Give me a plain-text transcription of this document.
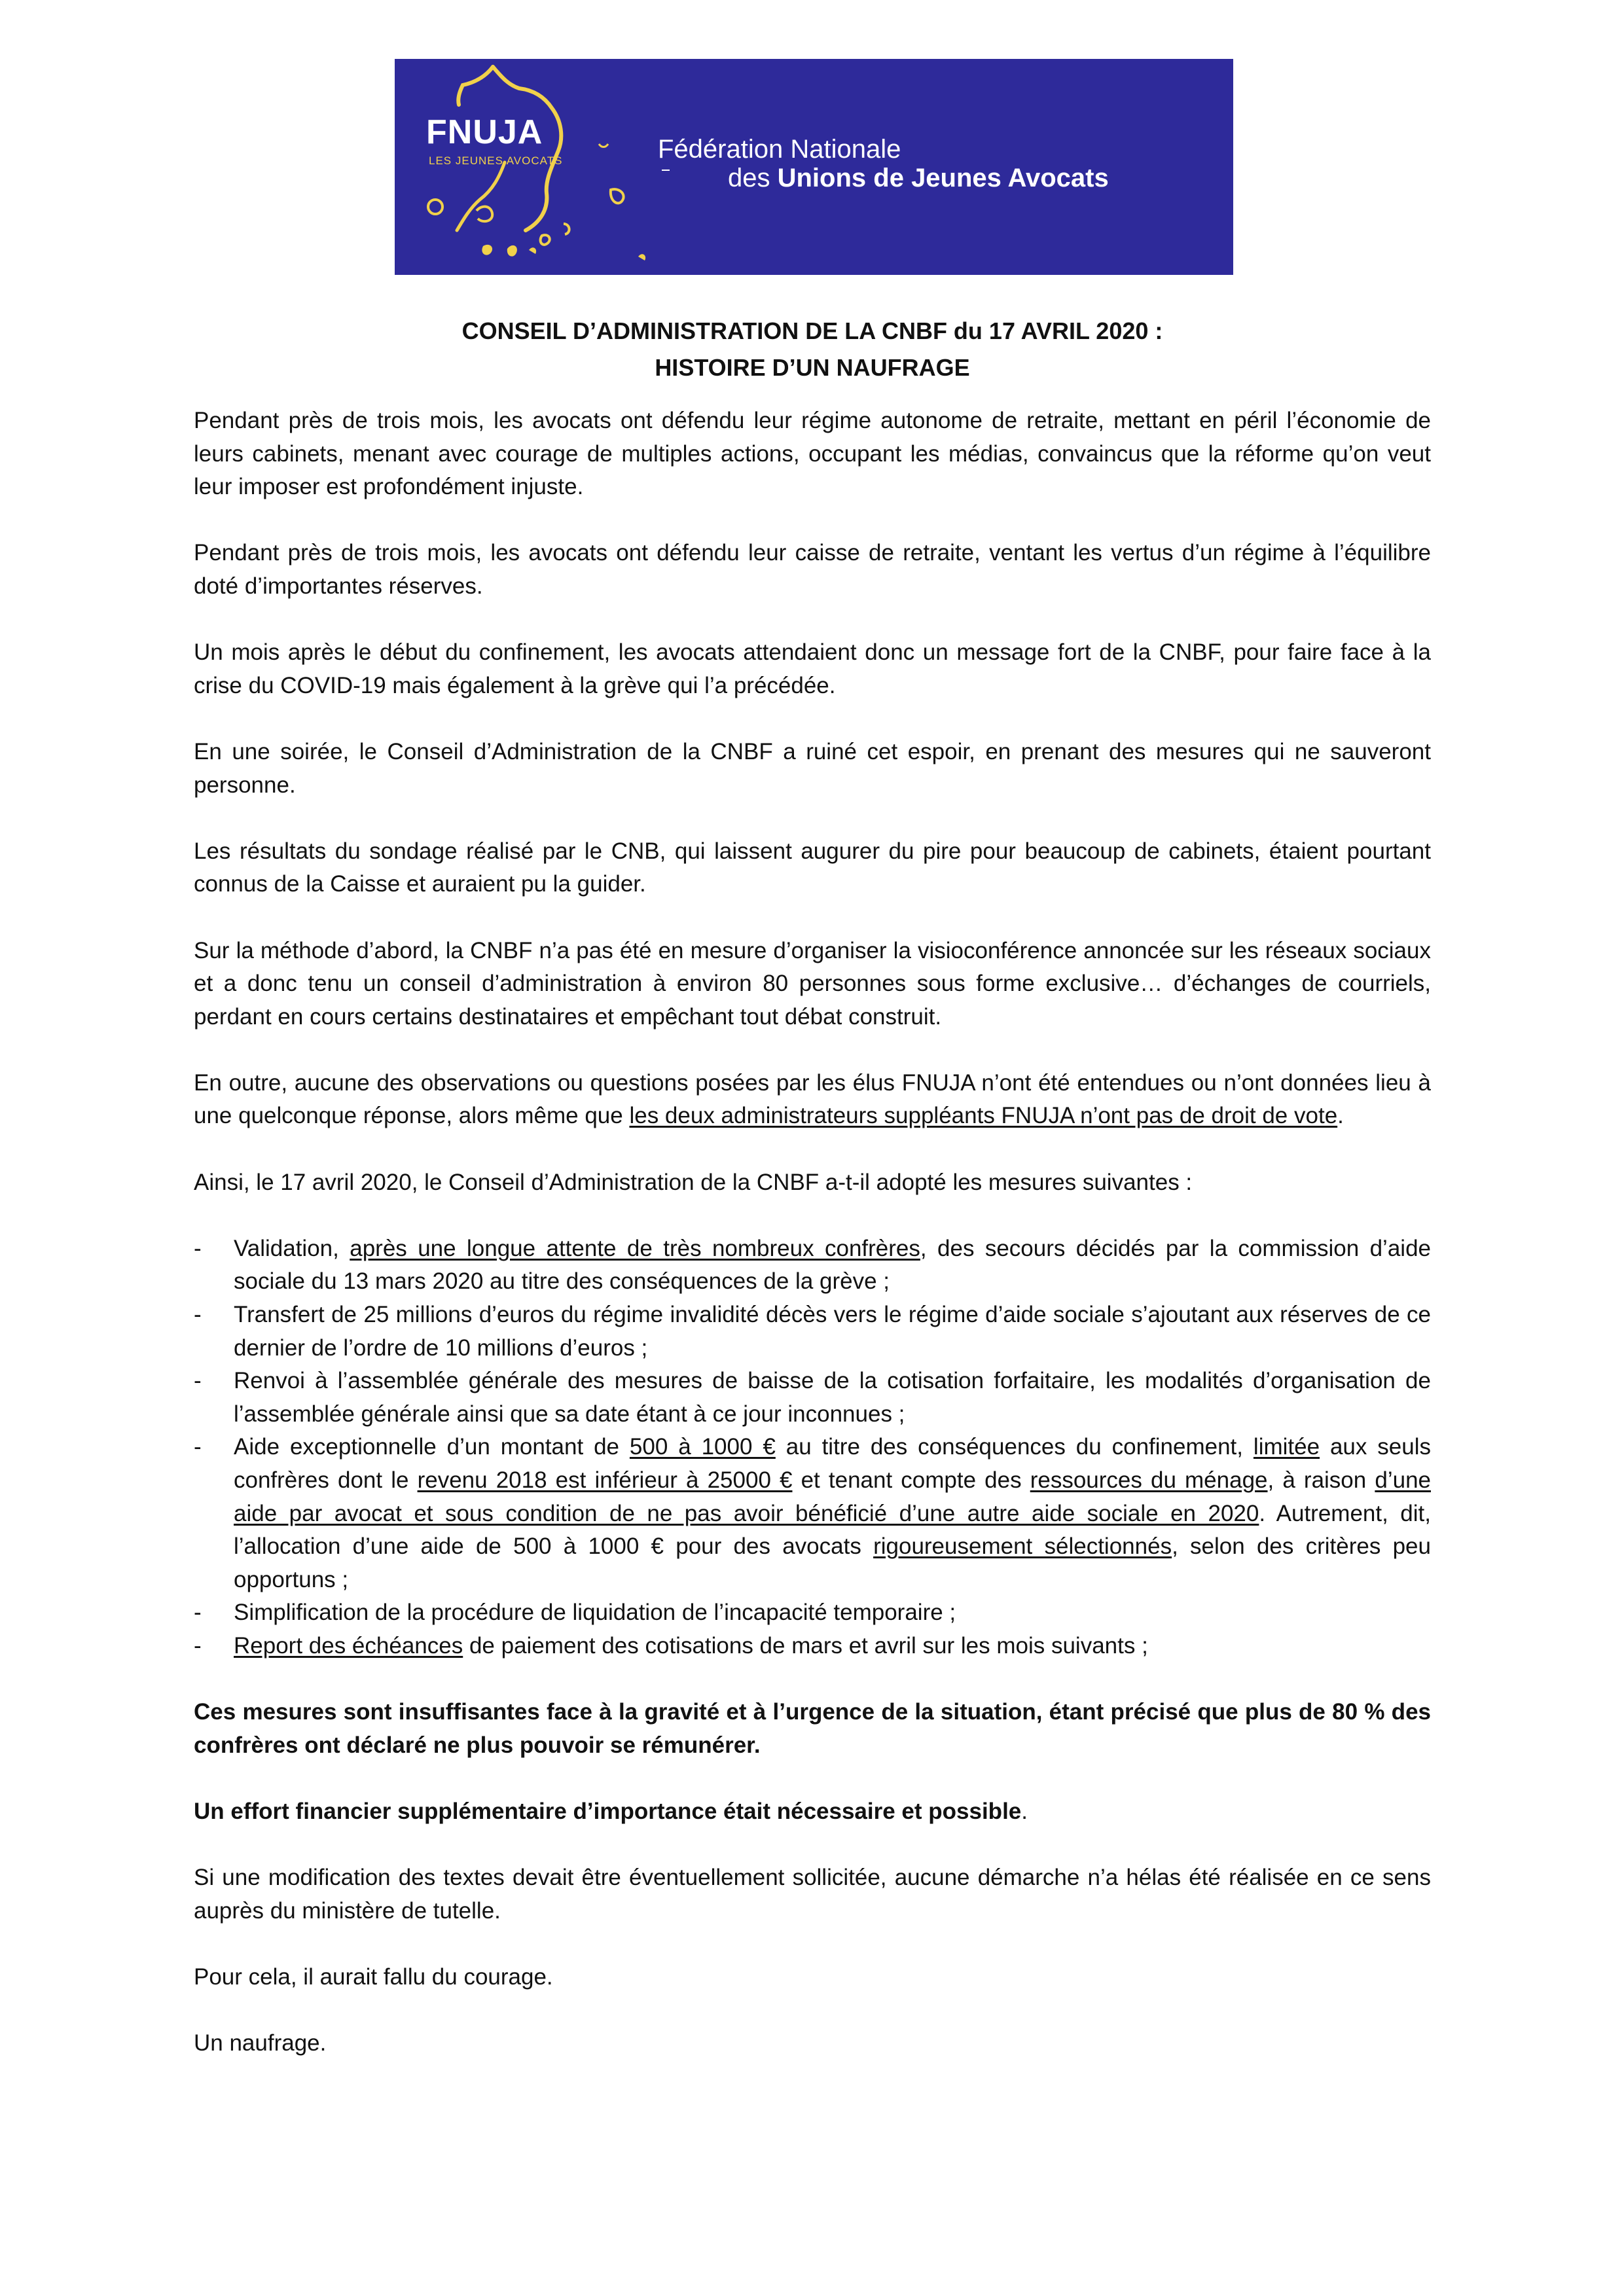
FNUJA
LES JEUNES AVOCATS	Fédération Nationale
des Unions de Jeunes Avocats
CONSEIL D’ADMINISTRATION DE LA CNBF du 17 AVRIL 2020 :
HISTOIRE D’UN NAUFRAGE

Pendant près de trois mois, les avocats ont défendu leur régime autonome de retraite, mettant en péril l’économie de leurs cabinets, menant avec courage de multiples actions, occupant les médias, convaincus que la réforme qu’on veut leur imposer est profondément injuste.

Pendant près de trois mois, les avocats ont défendu leur caisse de retraite, ventant les vertus d’un régime à l’équilibre doté d’importantes réserves.

Un mois après le début du confinement, les avocats attendaient donc un message fort de la CNBF, pour faire face à la crise du COVID-19 mais également à la grève qui l’a précédée.

En une soirée, le Conseil d’Administration de la CNBF a ruiné cet espoir, en prenant des mesures qui ne sauveront personne.

Les résultats du sondage réalisé par le CNB, qui laissent augurer du pire pour beaucoup de cabinets, étaient pourtant connus de la Caisse et auraient pu la guider.

Sur la méthode d’abord, la CNBF n’a pas été en mesure d’organiser la visioconférence annoncée sur les réseaux sociaux et a donc tenu un conseil d’administration à environ 80 personnes sous forme exclusive… d’échanges de courriels, perdant en cours certains destinataires et empêchant tout débat construit.

En outre, aucune des observations ou questions posées par les élus FNUJA n’ont été entendues ou n’ont données lieu à une quelconque réponse, alors même que les deux administrateurs suppléants FNUJA n’ont pas de droit de vote.

Ainsi, le 17 avril 2020, le Conseil d’Administration de la CNBF a-t-il adopté les mesures suivantes :

- Validation, après une longue attente de très nombreux confrères, des secours décidés par la commission d’aide sociale du 13 mars 2020 au titre des conséquences de la grève ;
- Transfert de 25 millions d’euros du régime invalidité décès vers le régime d’aide sociale s’ajoutant aux réserves de ce dernier de l’ordre de 10 millions d’euros ;
- Renvoi à l’assemblée générale des mesures de baisse de la cotisation forfaitaire, les modalités d’organisation de l’assemblée générale ainsi que sa date étant à ce jour inconnues ;
- Aide exceptionnelle d’un montant de 500 à 1000 € au titre des conséquences du confinement, limitée aux seuls confrères dont le revenu 2018 est inférieur à 25000 € et tenant compte des ressources du ménage, à raison d’une aide par avocat et sous condition de ne pas avoir bénéficié d’une autre aide sociale en 2020. Autrement, dit, l’allocation d’une aide de 500 à 1000 € pour des avocats rigoureusement sélectionnés, selon des critères peu opportuns ;
- Simplification de la procédure de liquidation de l’incapacité temporaire ;
- Report des échéances de paiement des cotisations de mars et avril sur les mois suivants ;

Ces mesures sont insuffisantes face à la gravité et à l’urgence de la situation, étant précisé que plus de 80 % des confrères ont déclaré ne plus pouvoir se rémunérer.

Un effort financier supplémentaire d’importance était nécessaire et possible.

Si une modification des textes devait être éventuellement sollicitée, aucune démarche n’a hélas été réalisée en ce sens auprès du ministère de tutelle.

Pour cela, il aurait fallu du courage.

Un naufrage.
